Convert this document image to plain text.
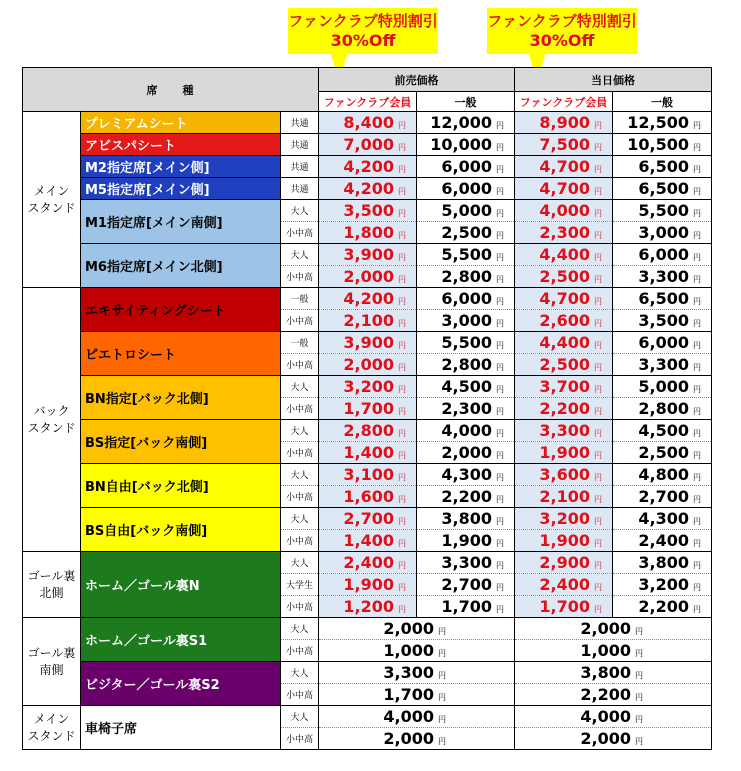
ファンクラブ特別割引
30%Off
ファンクラブ特別割引
30%Off
席　　種			前売価格		当日価格	
			ファンクラブ会員	一般	ファンクラブ会員	一般
メイン
スタンド	プレミアムシート	共通	8,400 円	12,000 円	8,900 円	12,500 円
	アビスパシート	共通	7,000 円	10,000 円	7,500 円	10,500 円
	M2指定席[メイン側]	共通	4,200 円	6,000 円	4,700 円	6,500 円
	M5指定席[メイン側]	共通	4,200 円	6,000 円	4,700 円	6,500 円
	M1指定席[メイン南側]	大人	3,500 円	5,000 円	4,000 円	5,500 円
		小中高	1,800 円	2,500 円	2,300 円	3,000 円
	M6指定席[メイン北側]	大人	3,900 円	5,500 円	4,400 円	6,000 円
		小中高	2,000 円	2,800 円	2,500 円	3,300 円
バック
スタンド	エキサイティングシート	一般	4,200 円	6,000 円	4,700 円	6,500 円
		小中高	2,100 円	3,000 円	2,600 円	3,500 円
	ピエトロシート	一般	3,900 円	5,500 円	4,400 円	6,000 円
		小中高	2,000 円	2,800 円	2,500 円	3,300 円
	BN指定[バック北側]	大人	3,200 円	4,500 円	3,700 円	5,000 円
		小中高	1,700 円	2,300 円	2,200 円	2,800 円
	BS指定[バック南側]	大人	2,800 円	4,000 円	3,300 円	4,500 円
		小中高	1,400 円	2,000 円	1,900 円	2,500 円
	BN自由[バック北側]	大人	3,100 円	4,300 円	3,600 円	4,800 円
		小中高	1,600 円	2,200 円	2,100 円	2,700 円
	BS自由[バック南側]	大人	2,700 円	3,800 円	3,200 円	4,300 円
		小中高	1,400 円	1,900 円	1,900 円	2,400 円
ゴール裏
北側	ホーム／ゴール裏N	大人	2,400 円	3,300 円	2,900 円	3,800 円
		大学生	1,900 円	2,700 円	2,400 円	3,200 円
		小中高	1,200 円	1,700 円	1,700 円	2,200 円
ゴール裏
南側	ホーム／ゴール裏S1	大人	2,000 円		2,000 円	
		小中高	1,000 円		1,000 円	
	ビジター／ゴール裏S2	大人	3,300 円		3,800 円	
		小中高	1,700 円		2,200 円	
メイン
スタンド	車椅子席	大人	4,000 円		4,000 円	
		小中高	2,000 円		2,000 円	
